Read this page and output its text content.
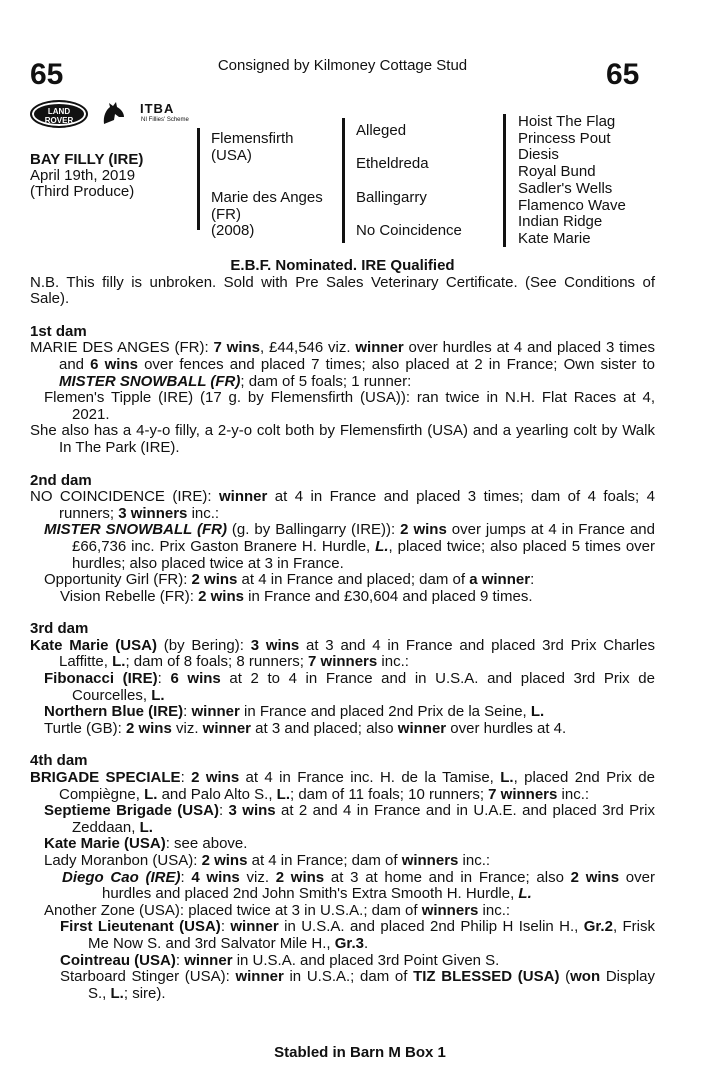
65	65
Consigned by Kilmoney Cottage Stud
LAND
ROVER
ITBA
NI Fillies' Scheme
BAY FILLY (IRE)
April 19th, 2019
(Third Produce)
Flemensfirth
(USA)
Marie des Anges
(FR)
(2008)
Alleged
Etheldreda
Ballingarry
No Coincidence
Hoist The Flag
Princess Pout
Diesis
Royal Bund
Sadler's Wells
Flamenco Wave
Indian Ridge
Kate Marie

E.B.F. Nominated. IRE Qualified

N.B. This filly is unbroken. Sold with Pre Sales Veterinary Certificate. (See Conditions of Sale).

1st dam

MARIE DES ANGES (FR): 7 wins, £44,546 viz. winner over hurdles at 4 and placed 3 times and 6 wins over fences and placed 7 times; also placed at 2 in France; Own sister to MISTER SNOWBALL (FR); dam of 5 foals; 1 runner:

Flemen's Tipple (IRE) (17 g. by Flemensfirth (USA)): ran twice in N.H. Flat Races at 4, 2021.

She also has a 4-y-o filly, a 2-y-o colt both by Flemensfirth (USA) and a yearling colt by Walk In The Park (IRE).

2nd dam

NO COINCIDENCE (IRE): winner at 4 in France and placed 3 times; dam of 4 foals; 4 runners; 3 winners inc.:

MISTER SNOWBALL (FR) (g. by Ballingarry (IRE)): 2 wins over jumps at 4 in France and £66,736 inc. Prix Gaston Branere H. Hurdle, L., placed twice; also placed 5 times over hurdles; also placed twice at 3 in France.

Opportunity Girl (FR): 2 wins at 4 in France and placed; dam of a winner:

Vision Rebelle (FR): 2 wins in France and £30,604 and placed 9 times.

3rd dam

Kate Marie (USA) (by Bering): 3 wins at 3 and 4 in France and placed 3rd Prix Charles Laffitte, L.; dam of 8 foals; 8 runners; 7 winners inc.:

Fibonacci (IRE): 6 wins at 2 to 4 in France and in U.S.A. and placed 3rd Prix de Courcelles, L.

Northern Blue (IRE): winner in France and placed 2nd Prix de la Seine, L.

Turtle (GB): 2 wins viz. winner at 3 and placed; also winner over hurdles at 4.

4th dam

BRIGADE SPECIALE: 2 wins at 4 in France inc. H. de la Tamise, L., placed 2nd Prix de Compiègne, L. and Palo Alto S., L.; dam of 11 foals; 10 runners; 7 winners inc.:

Septieme Brigade (USA): 3 wins at 2 and 4 in France and in U.A.E. and placed 3rd Prix Zeddaan, L.

Kate Marie (USA): see above.

Lady Moranbon (USA): 2 wins at 4 in France; dam of winners inc.:

Diego Cao (IRE): 4 wins viz. 2 wins at 3 at home and in France; also 2 wins over hurdles and placed 2nd John Smith's Extra Smooth H. Hurdle, L.

Another Zone (USA): placed twice at 3 in U.S.A.; dam of winners inc.:

First Lieutenant (USA): winner in U.S.A. and placed 2nd Philip H Iselin H., Gr.2, Frisk Me Now S. and 3rd Salvator Mile H., Gr.3.

Cointreau (USA): winner in U.S.A. and placed 3rd Point Given S.

Starboard Stinger (USA): winner in U.S.A.; dam of TIZ BLESSED (USA) (won Display S., L.; sire).

Stabled in Barn M Box 1
